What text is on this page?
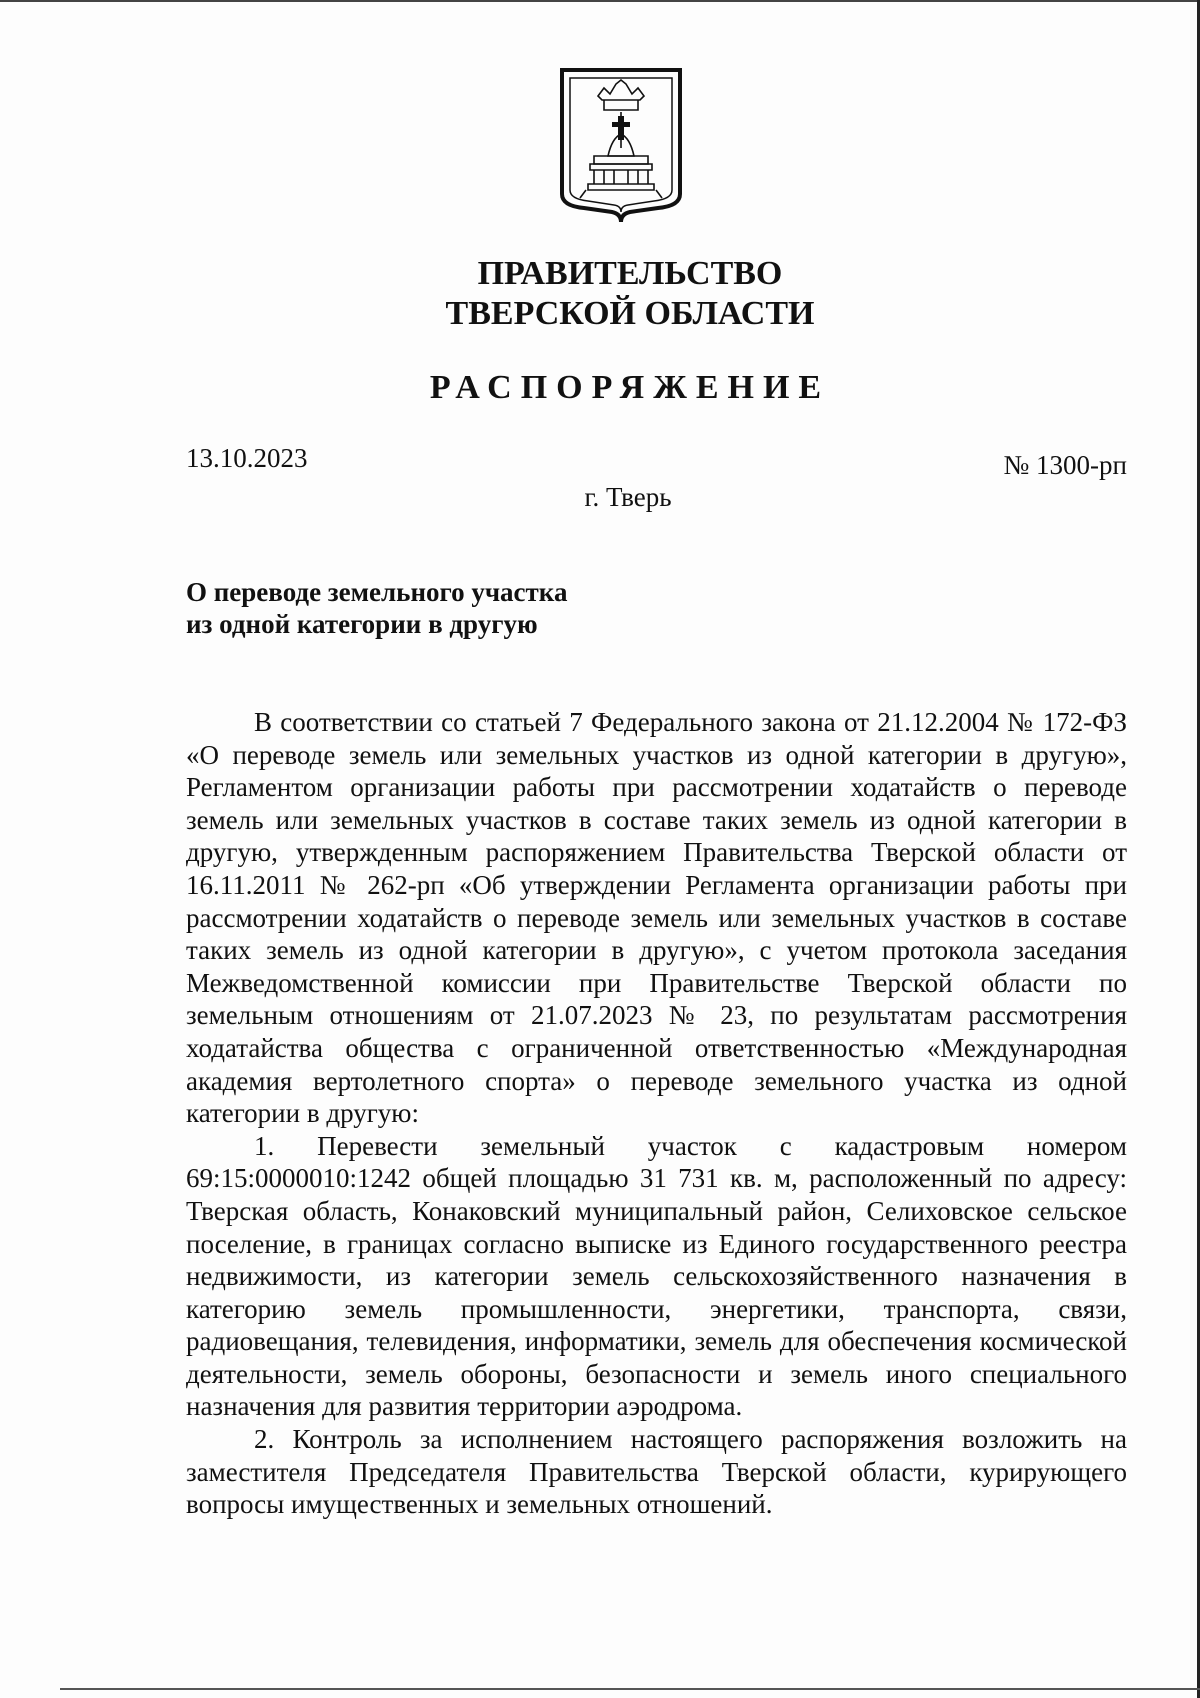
ПРАВИТЕЛЬСТВО
ТВЕРСКОЙ ОБЛАСТИ
РАСПОРЯЖЕНИЕ
13.10.2023	№ 1300-рп
г. Тверь
О переводе земельного участка
из одной категории в другую

В соответствии со статьей 7 Федерального закона от 21.12.2004 № 172-ФЗ «О переводе земель или земельных участков из одной категории в другую», Регламентом организации работы при рассмотрении ходатайств о переводе земель или земельных участков в составе таких земель из одной категории в другую, утвержденным распоряжением Правительства Тверской области от 16.11.2011 № 262-рп «Об утверждении Регламента организации работы при рассмотрении ходатайств о переводе земель или земельных участков в составе таких земель из одной категории в другую», с учетом протокола заседания Межведомственной комиссии при Правительстве Тверской области по земельным отношениям от 21.07.2023 № 23, по результатам рассмотрения ходатайства общества с ограниченной ответственностью «Международная академия вертолетного спорта» о переводе земельного участка из одной категории в другую:

1. Перевести земельный участок с кадастровым номером 69:15:0000010:1242 общей площадью 31 731 кв. м, расположенный по адресу: Тверская область, Конаковский муниципальный район, Селиховское сельское поселение, в границах согласно выписке из Единого государственного реестра недвижимости, из категории земель сельскохозяйственного назначения в категорию земель промышленности, энергетики, транспорта, связи, радиовещания, телевидения, информатики, земель для обеспечения космической деятельности, земель обороны, безопасности и земель иного специального назначения для развития территории аэродрома.

2. Контроль за исполнением настоящего распоряжения возложить на заместителя Председателя Правительства Тверской области, курирующего вопросы имущественных и земельных отношений.
